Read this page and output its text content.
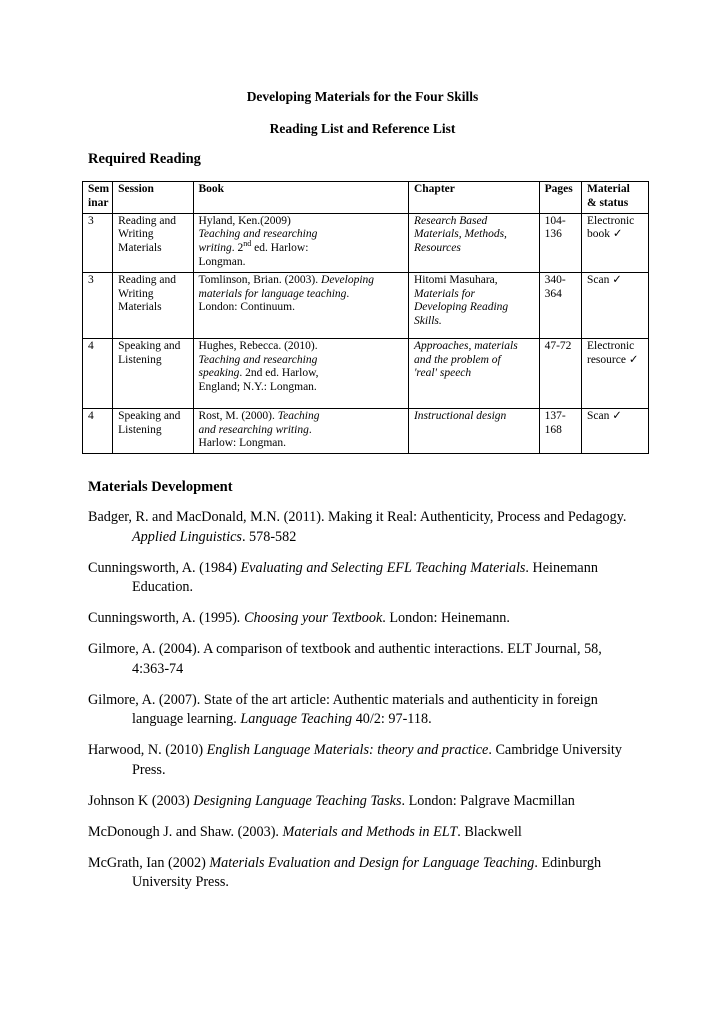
Developing Materials for the Four Skills
Reading List and Reference List
Required Reading
Sem
inar	Session	Book	Chapter	Pages	Material
& status
3	Reading and
Writing
Materials	Hyland, Ken.(2009)
Teaching and researching
writing. 2nd ed. Harlow:
Longman.	Research Based
Materials, Methods,
Resources	104-
136	Electronic
book ✓
3	Reading and
Writing
Materials	Tomlinson, Brian. (2003). Developing
materials for language teaching.
London: Continuum.	Hitomi Masuhara,
Materials for
Developing Reading
Skills.	340-
364	Scan ✓
4	Speaking and
Listening	Hughes, Rebecca. (2010).
Teaching and researching
speaking. 2nd ed. Harlow,
England; N.Y.: Longman.	Approaches, materials
and the problem of
'real' speech	47-72	Electronic
resource ✓
4	Speaking and
Listening	Rost, M. (2000). Teaching
and researching writing.
Harlow: Longman.	Instructional design	137-
168	Scan ✓
Materials Development

Badger, R. and MacDonald, M.N. (2011). Making it Real: Authenticity, Process and Pedagogy. Applied Linguistics. 578-582

Cunningsworth, A. (1984) Evaluating and Selecting EFL Teaching Materials. Heinemann Education.

Cunningsworth, A. (1995). Choosing your Textbook. London: Heinemann.

Gilmore, A. (2004). A comparison of textbook and authentic interactions. ELT Journal, 58, 4:363-74

Gilmore, A. (2007). State of the art article: Authentic materials and authenticity in foreign language learning. Language Teaching 40/2: 97-118.

Harwood, N. (2010) English Language Materials: theory and practice. Cambridge University Press.

Johnson K (2003) Designing Language Teaching Tasks. London: Palgrave Macmillan

McDonough J. and Shaw. (2003). Materials and Methods in ELT. Blackwell

McGrath, Ian (2002) Materials Evaluation and Design for Language Teaching. Edinburgh University Press.
